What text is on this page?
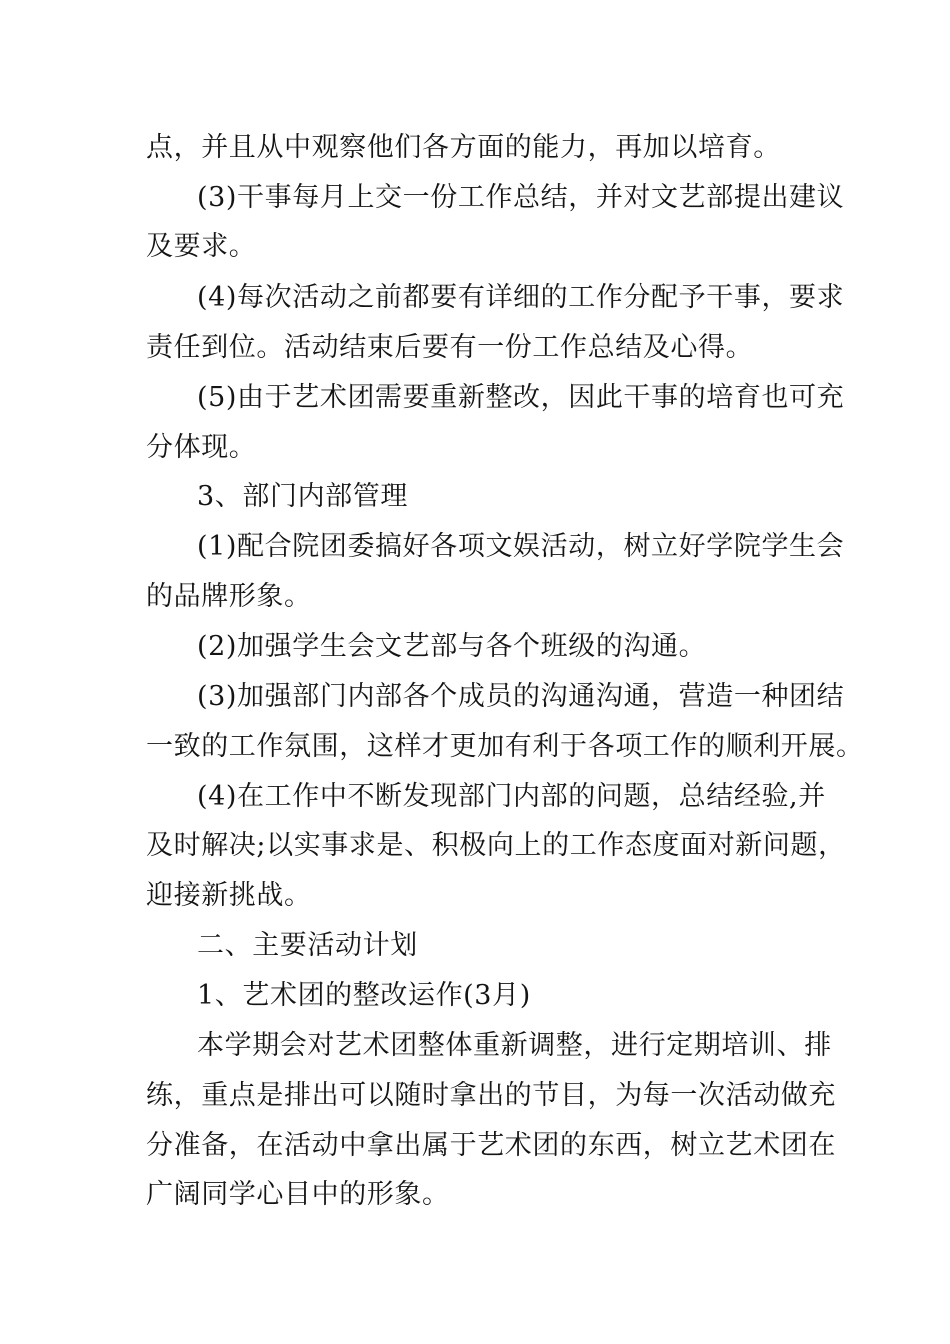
点，并且从中观察他们各方面的能力，再加以培育。
(3)干事每月上交一份工作总结，并对文艺部提出建议
及要求。
(4)每次活动之前都要有详细的工作分配予干事，要求
责任到位。活动结束后要有一份工作总结及心得。
(5)由于艺术团需要重新整改，因此干事的培育也可充
分体现。
3、部门内部管理
(1)配合院团委搞好各项文娱活动，树立好学院学生会
的品牌形象。
(2)加强学生会文艺部与各个班级的沟通。
(3)加强部门内部各个成员的沟通沟通，营造一种团结
一致的工作氛围，这样才更加有利于各项工作的顺利开展。
(4)在工作中不断发现部门内部的问题，总结经验,并
及时解决;以实事求是、积极向上的工作态度面对新问题，
迎接新挑战。
二、主要活动计划
1、艺术团的整改运作(3月)
本学期会对艺术团整体重新调整，进行定期培训、排
练，重点是排出可以随时拿出的节目，为每一次活动做充
分准备，在活动中拿出属于艺术团的东西，树立艺术团在
广阔同学心目中的形象。
